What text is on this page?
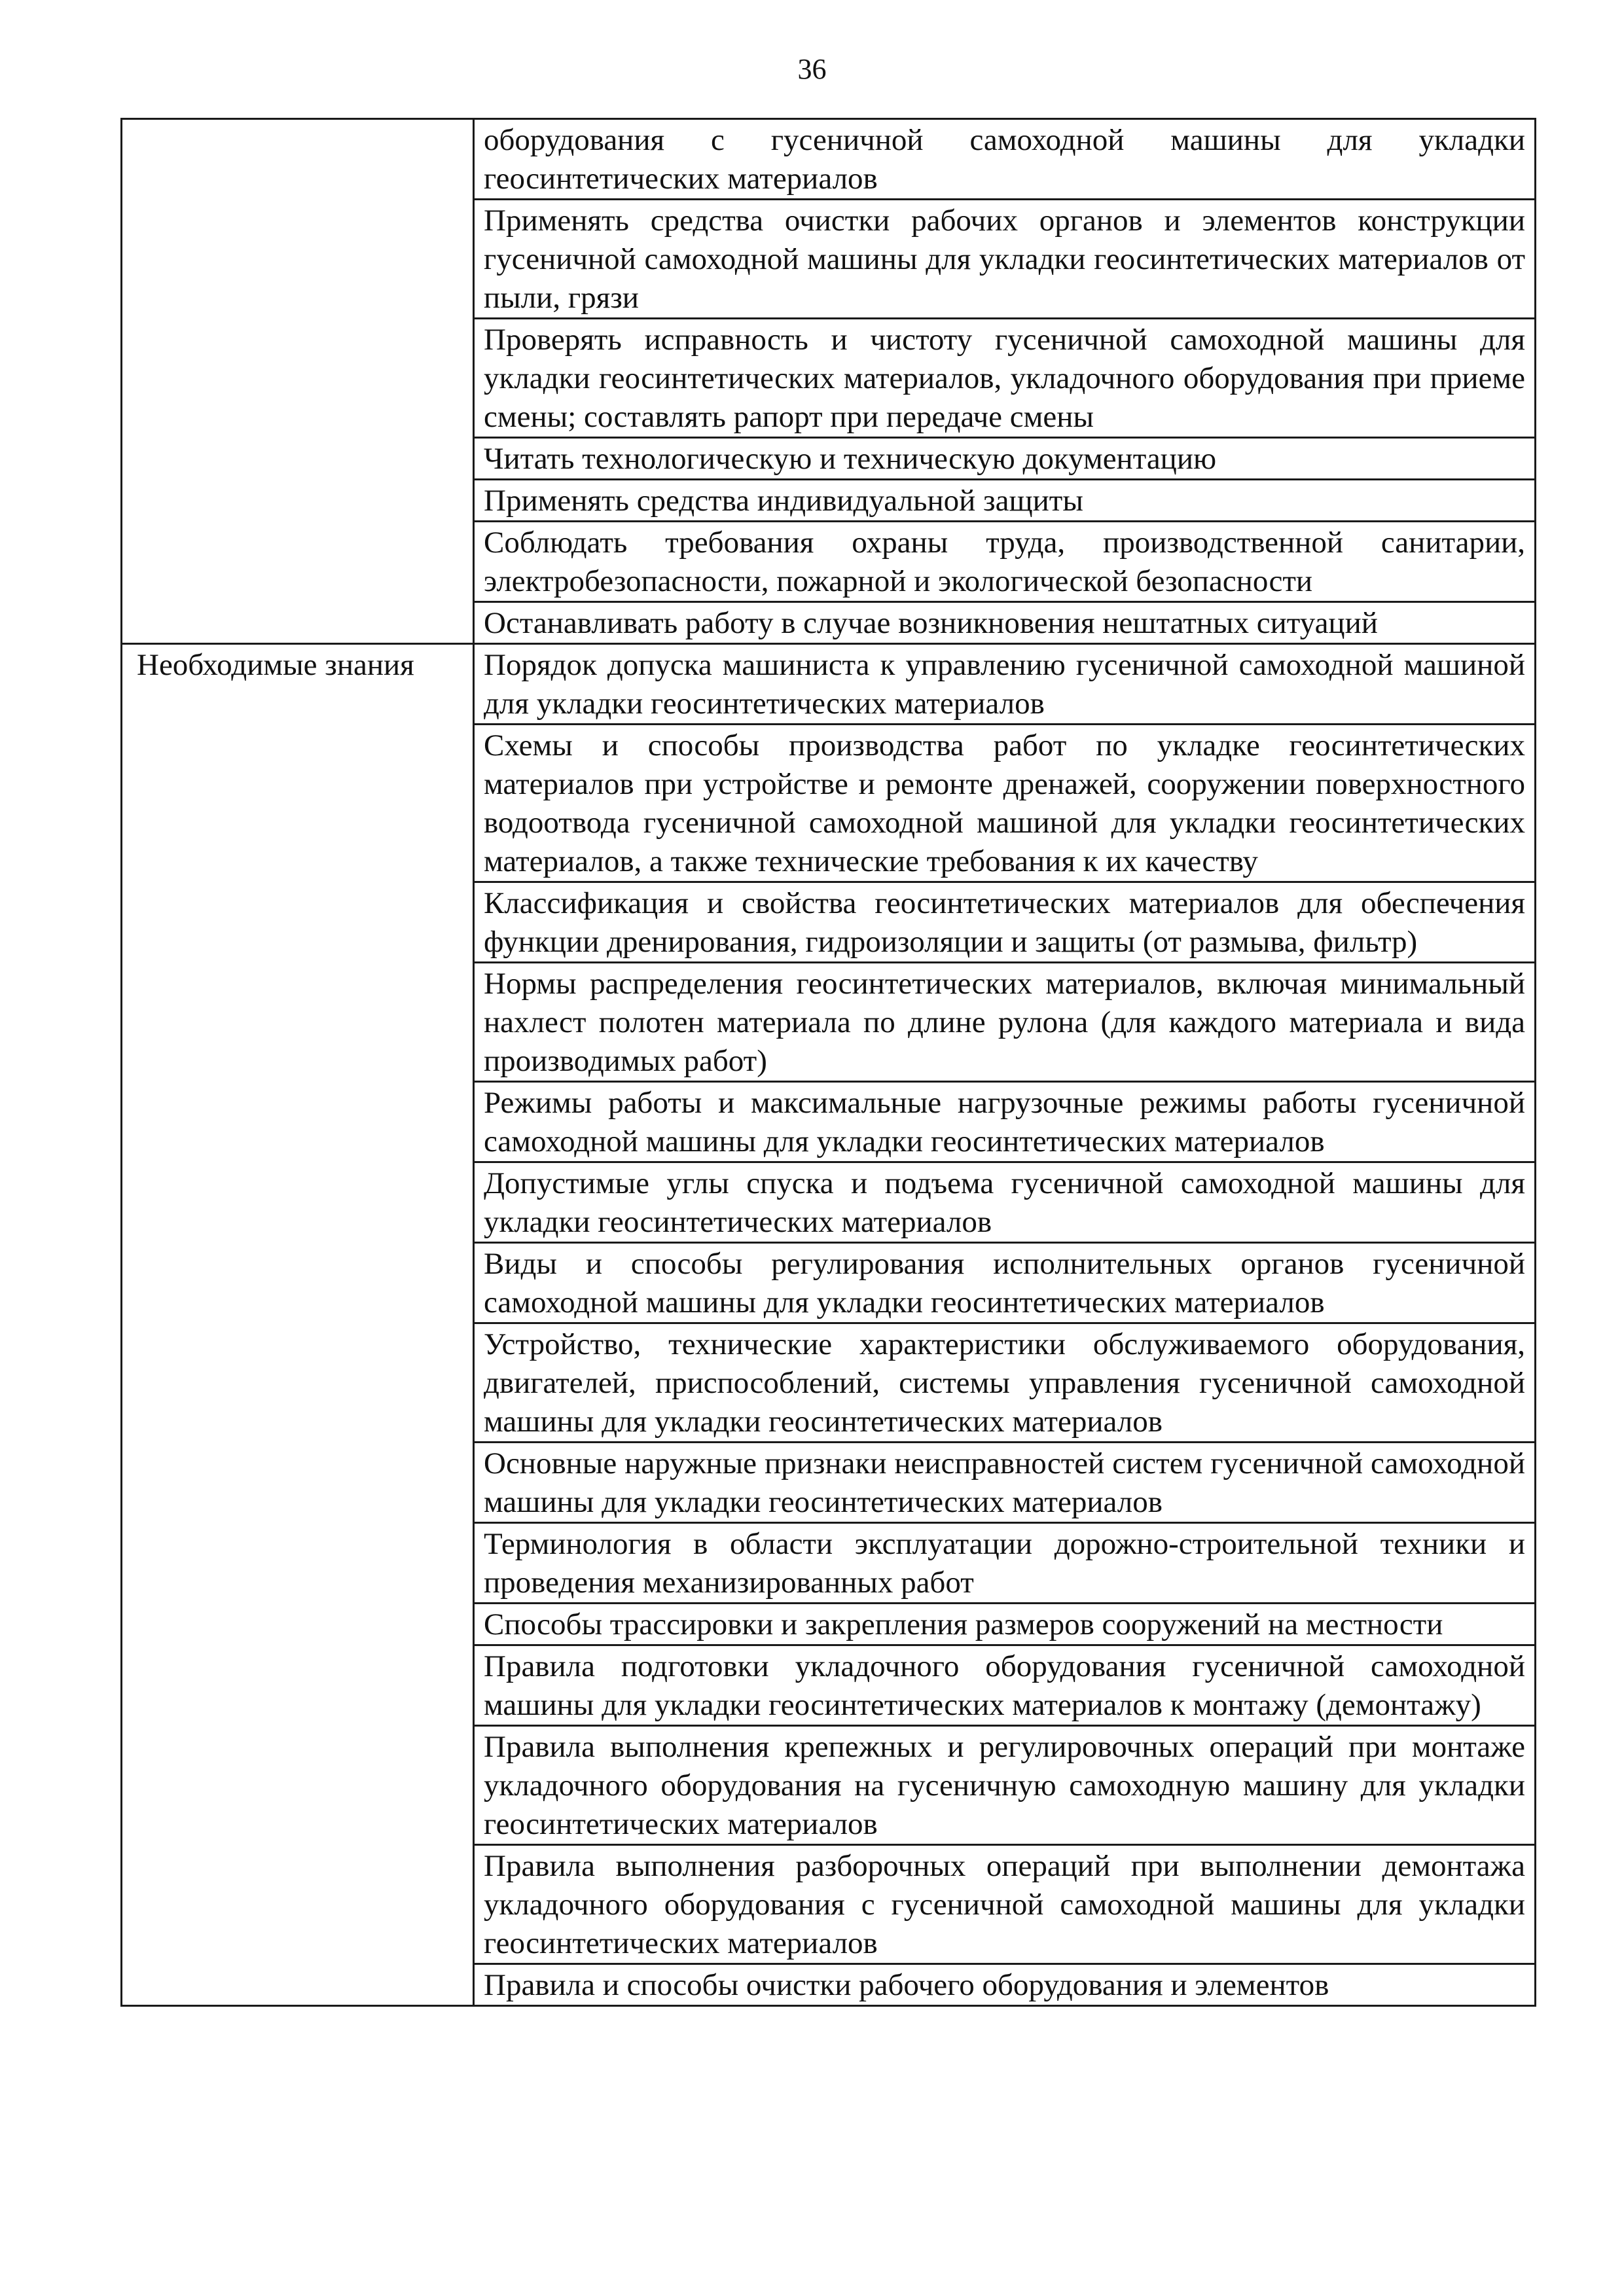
36
	оборудования с гусеничной самоходной машины для укладки геосинтетических материалов
	Применять средства очистки рабочих органов и элементов конструкции гусеничной самоходной машины для укладки геосинтетических материалов от пыли, грязи
	Проверять исправность и чистоту гусеничной самоходной машины для укладки геосинтетических материалов, укладочного оборудования при приеме смены; составлять рапорт при передаче смены
	Читать технологическую и техническую документацию
	Применять средства индивидуальной защиты
	Соблюдать требования охраны труда, производственной санитарии, электробезопасности, пожарной и экологической безопасности
	Останавливать работу в случае возникновения нештатных ситуаций
Необходимые знания	Порядок допуска машиниста к управлению гусеничной самоходной машиной для укладки геосинтетических материалов
	Схемы и способы производства работ по укладке геосинтетических материалов при устройстве и ремонте дренажей, сооружении поверхностного водоотвода гусеничной самоходной машиной для укладки геосинтетических материалов, а также технические требования к их качеству
	Классификация и свойства геосинтетических материалов для обеспечения функции дренирования, гидроизоляции и защиты (от размыва, фильтр)
	Нормы распределения геосинтетических материалов, включая минимальный нахлест полотен материала по длине рулона (для каждого материала и вида производимых работ)
	Режимы работы и максимальные нагрузочные режимы работы гусеничной самоходной машины для укладки геосинтетических материалов
	Допустимые углы спуска и подъема гусеничной самоходной машины для укладки геосинтетических материалов
	Виды и способы регулирования исполнительных органов гусеничной самоходной машины для укладки геосинтетических материалов
	Устройство, технические характеристики обслуживаемого оборудования, двигателей, приспособлений, системы управления гусеничной самоходной машины для укладки геосинтетических материалов
	Основные наружные признаки неисправностей систем гусеничной самоходной машины для укладки геосинтетических материалов
	Терминология в области эксплуатации дорожно-строительной техники и проведения механизированных работ
	Способы трассировки и закрепления размеров сооружений на местности
	Правила подготовки укладочного оборудования гусеничной самоходной машины для укладки геосинтетических материалов к монтажу (демонтажу)
	Правила выполнения крепежных и регулировочных операций при монтаже укладочного оборудования на гусеничную самоходную машину для укладки геосинтетических материалов
	Правила выполнения разборочных операций при выполнении демонтажа укладочного оборудования с гусеничной самоходной машины для укладки геосинтетических материалов
	Правила и способы очистки рабочего оборудования и элементов
